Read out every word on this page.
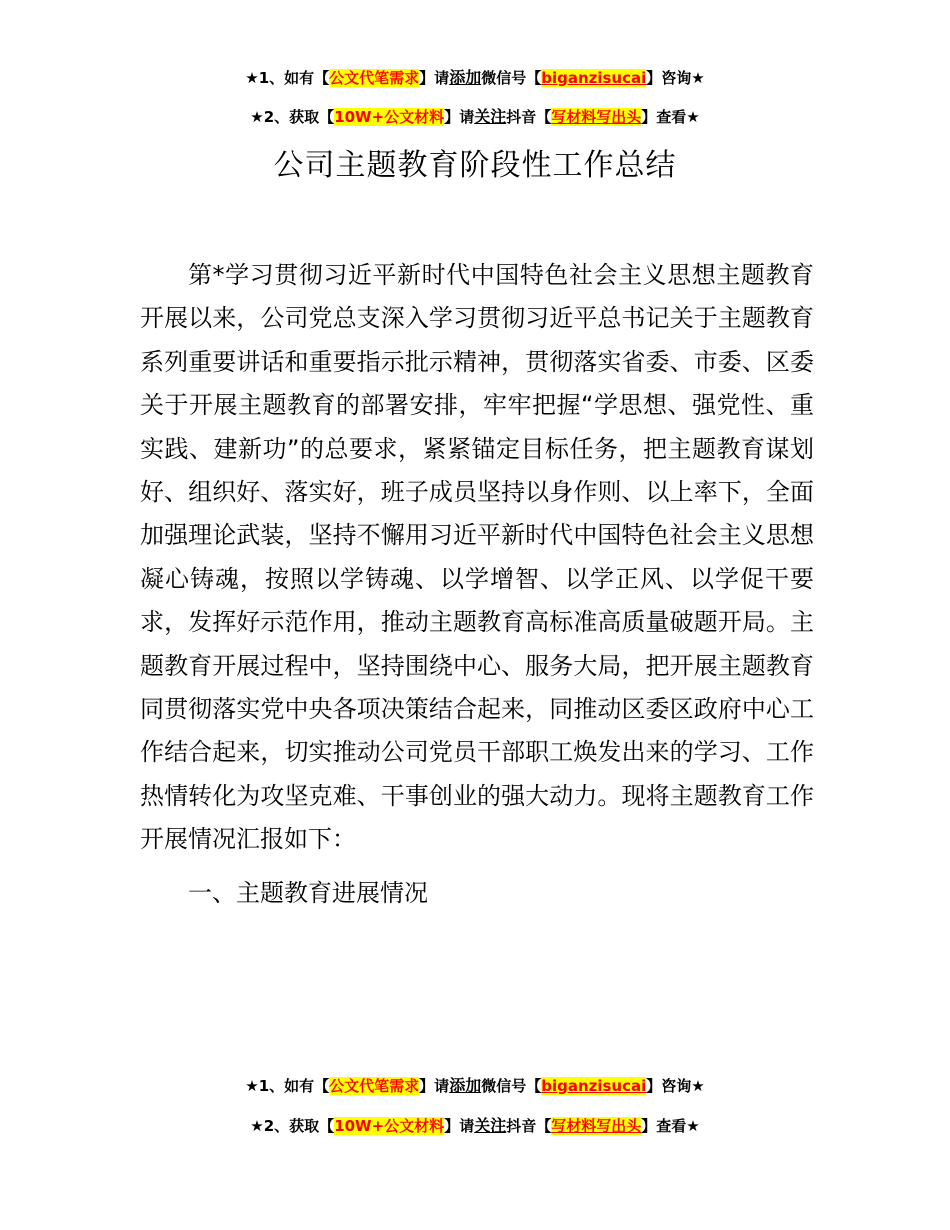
★1、如有【公文代笔需求】请添加微信号【biganzisucai】咨询★
★2、获取【10W+公文材料】请关注抖音【写材料写出头】查看★
公司主题教育阶段性工作总结

第*学习贯彻习近平新时代中国特色社会主义思想主题教育开展以来，公司党总支深入学习贯彻习近平总书记关于主题教育系列重要讲话和重要指示批示精神，贯彻落实省委、市委、区委关于开展主题教育的部署安排，牢牢把握“学思想、强党性、重实践、建新功”的总要求，紧紧锚定目标任务，把主题教育谋划好、组织好、落实好，班子成员坚持以身作则、以上率下，全面加强理论武装，坚持不懈用习近平新时代中国特色社会主义思想凝心铸魂，按照以学铸魂、以学增智、以学正风、以学促干要求，发挥好示范作用，推动主题教育高标准高质量破题开局。主题教育开展过程中，坚持围绕中心、服务大局，把开展主题教育同贯彻落实党中央各项决策结合起来，同推动区委区政府中心工作结合起来，切实推动公司党员干部职工焕发出来的学习、工作热情转化为攻坚克难、干事创业的强大动力。现将主题教育工作开展情况汇报如下：

一、主题教育进展情况

★1、如有【公文代笔需求】请添加微信号【biganzisucai】咨询★
★2、获取【10W+公文材料】请关注抖音【写材料写出头】查看★
